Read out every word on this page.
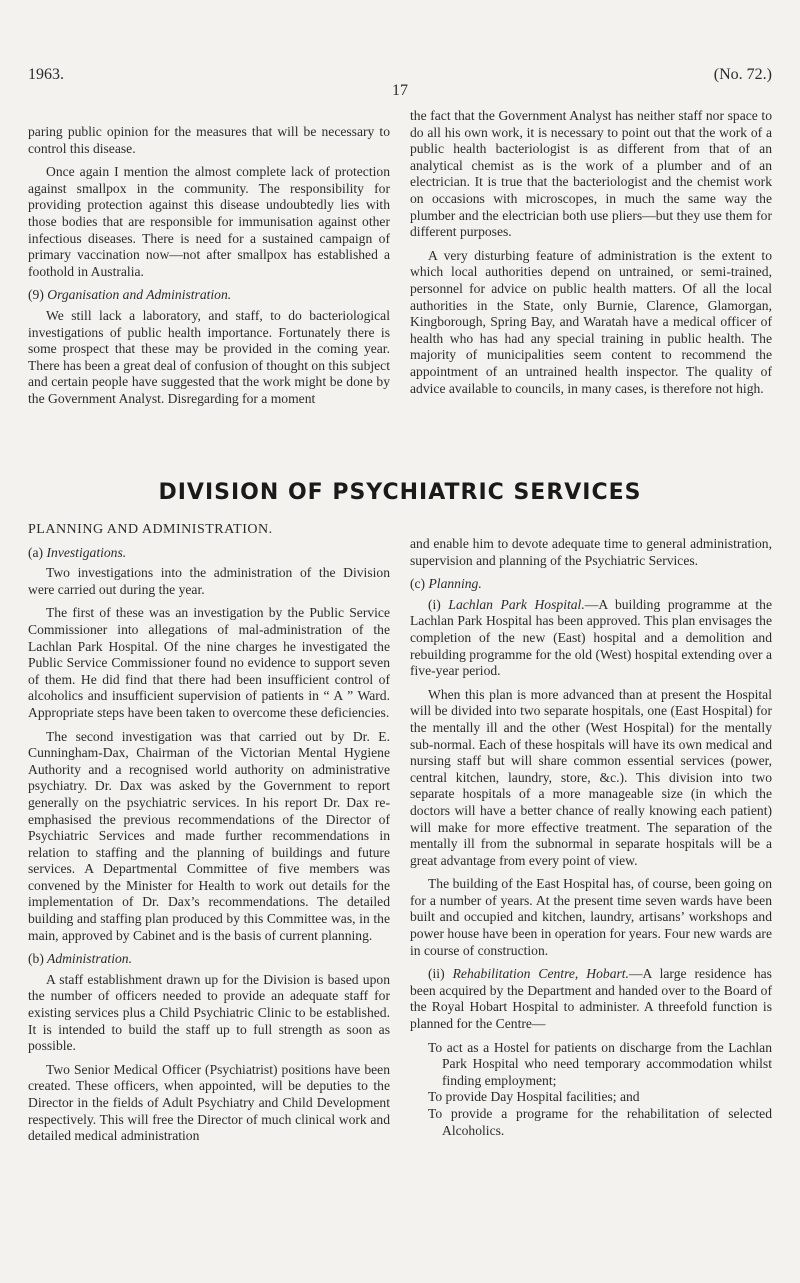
1963.
17
(No. 72.)

paring public opinion for the measures that will be necessary to control this disease.

Once again I mention the almost complete lack of protection against smallpox in the community. The responsibility for providing protection against this disease undoubtedly lies with those bodies that are responsible for immunisation against other infectious diseases. There is need for a sustained campaign of primary vaccination now—not after smallpox has established a foothold in Australia.

(9) Organisation and Administration.

We still lack a laboratory, and staff, to do bacteriological investigations of public health importance. Fortunately there is some prospect that these may be provided in the coming year. There has been a great deal of confusion of thought on this subject and certain people have suggested that the work might be done by the Government Analyst. Disregarding for a moment

the fact that the Government Analyst has neither staff nor space to do all his own work, it is necessary to point out that the work of a public health bacteriologist is as different from that of an analytical chemist as is the work of a plumber and of an electrician. It is true that the bacteriologist and the chemist work on occasions with microscopes, in much the same way the plumber and the electrician both use pliers—but they use them for different purposes.

A very disturbing feature of administration is the extent to which local authorities depend on untrained, or semi-trained, personnel for advice on public health matters. Of all the local authorities in the State, only Burnie, Clarence, Glamorgan, Kingborough, Spring Bay, and Waratah have a medical officer of health who has had any special training in public health. The majority of municipalities seem content to recommend the appointment of an untrained health inspector. The quality of advice available to councils, in many cases, is therefore not high.

DIVISION OF PSYCHIATRIC SERVICES

PLANNING AND ADMINISTRATION.

(a) Investigations.

Two investigations into the administration of the Division were carried out during the year.

The first of these was an investigation by the Public Service Commissioner into allegations of mal-administration of the Lachlan Park Hospital. Of the nine charges he investigated the Public Service Commissioner found no evidence to support seven of them. He did find that there had been insufficient control of alcoholics and insufficient supervision of patients in “ A ” Ward. Appropriate steps have been taken to overcome these deficiencies.

The second investigation was that carried out by Dr. E. Cunningham-Dax, Chairman of the Victorian Mental Hygiene Authority and a recognised world authority on administrative psychiatry. Dr. Dax was asked by the Government to report generally on the psychiatric services. In his report Dr. Dax re-emphasised the previous recommendations of the Director of Psychiatric Services and made further recommendations in relation to staffing and the planning of buildings and future services. A Departmental Committee of five members was convened by the Minister for Health to work out details for the implementation of Dr. Dax’s recommendations. The detailed building and staffing plan produced by this Committee was, in the main, approved by Cabinet and is the basis of current planning.

(b) Administration.

A staff establishment drawn up for the Division is based upon the number of officers needed to provide an adequate staff for existing services plus a Child Psychiatric Clinic to be established. It is intended to build the staff up to full strength as soon as possible.

Two Senior Medical Officer (Psychiatrist) positions have been created. These officers, when appointed, will be deputies to the Director in the fields of Adult Psychiatry and Child Development respectively. This will free the Director of much clinical work and detailed medical administration

and enable him to devote adequate time to general administration, supervision and planning of the Psychiatric Services.

(c) Planning.

(i) Lachlan Park Hospital.—A building programme at the Lachlan Park Hospital has been approved. This plan envisages the completion of the new (East) hospital and a demolition and rebuilding programme for the old (West) hospital extending over a five-year period.

When this plan is more advanced than at present the Hospital will be divided into two separate hospitals, one (East Hospital) for the mentally ill and the other (West Hospital) for the mentally sub-normal. Each of these hospitals will have its own medical and nursing staff but will share common essential services (power, central kitchen, laundry, store, &c.). This division into two separate hospitals of a more manageable size (in which the doctors will have a better chance of really knowing each patient) will make for more effective treatment. The separation of the mentally ill from the subnormal in separate hospitals will be a great advantage from every point of view.

The building of the East Hospital has, of course, been going on for a number of years. At the present time seven wards have been built and occupied and kitchen, laundry, artisans’ workshops and power house have been in operation for years. Four new wards are in course of construction.

(ii) Rehabilitation Centre, Hobart.—A large residence has been acquired by the Department and handed over to the Board of the Royal Hobart Hospital to administer. A threefold function is planned for the Centre—

To act as a Hostel for patients on discharge from the Lachlan Park Hospital who need temporary accommodation whilst finding employment;
To provide Day Hospital facilities; and
To provide a programe for the rehabilitation of selected Alcoholics.
